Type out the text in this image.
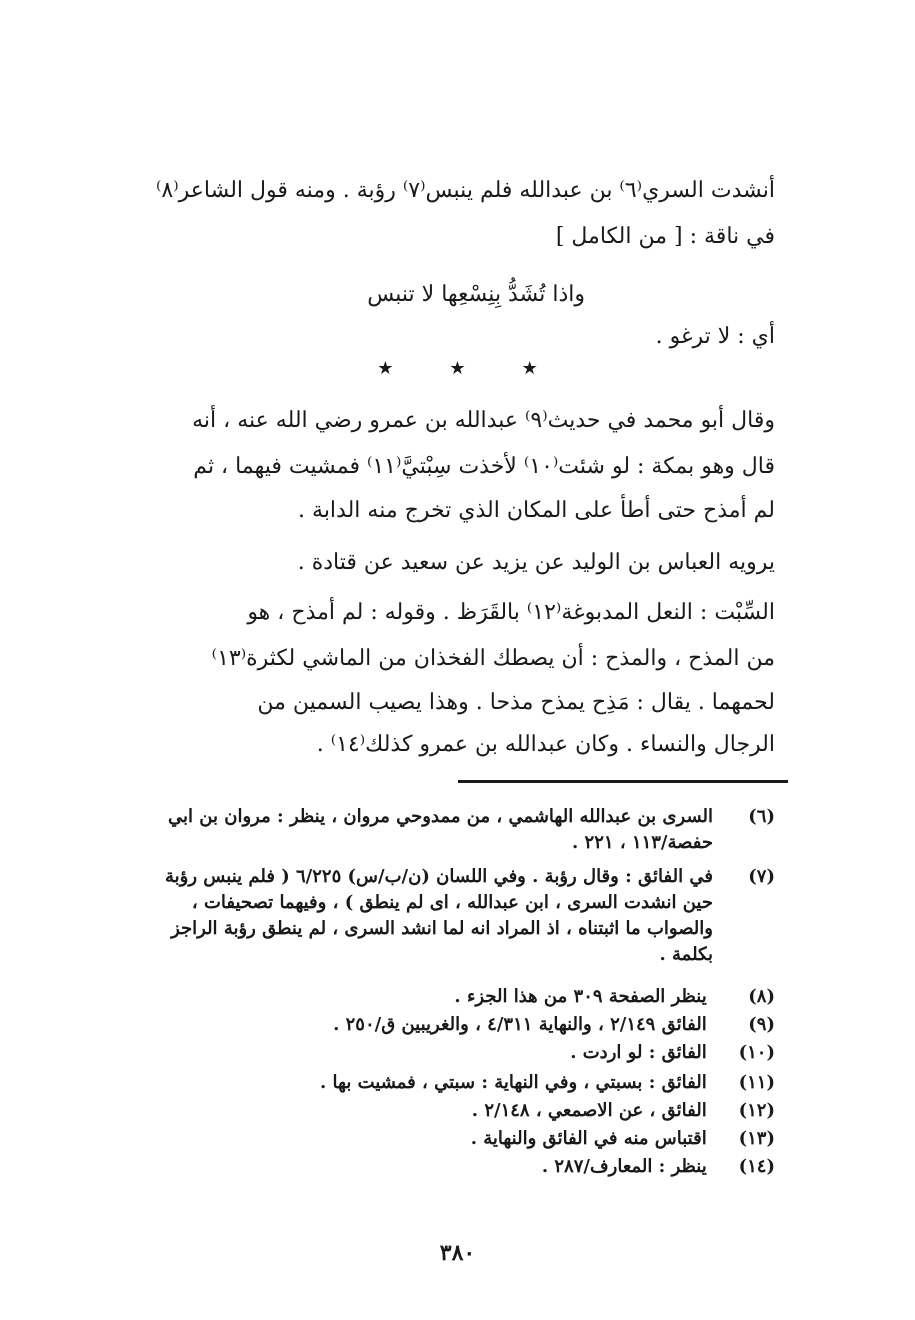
أنشدت السري⁽٦⁾ بن عبدالله فلم ينبس⁽٧⁾ رؤبة . ومنه قول الشاعر⁽٨⁾
في ناقة : [ من الكامل ]
واذا تُشَدُّ بِنِسْعِها لا تنبس
أي : لا ترغو .
★★★
وقال أبو محمد في حديث⁽٩⁾ عبدالله بن عمرو رضي الله عنه ، أنه
قال وهو بمكة : لو شئت⁽١٠⁾ لأخذت سِبْتيَّ⁽١١⁾ فمشيت فيهما ، ثم
لم أمذح حتى أطأ على المكان الذي تخرج منه الدابة .
يرويه العباس بن الوليد عن يزيد عن سعيد عن قتادة .
السِّبْت : النعل المدبوغة⁽١٢⁾ بالقَرَظ . وقوله : لم أمذح ، هو
من المذح ، والمذح : أن يصطك الفخذان من الماشي لكثرة⁽١٣⁾
لحمهما . يقال : مَذِح يمذح مذحا . وهذا يصيب السمين من
الرجال والنساء . وكان عبدالله بن عمرو كذلك⁽١٤⁾ .
(٦)
السرى بن عبدالله الهاشمي ، من ممدوحي مروان ، ينظر : مروان بن ابي حفصة/١١٣ ، ٢٢١ .
(٧)
في الفائق : وقال رؤبة . وفي اللسان (ن/ب/س) ٦/٢٢٥ ( فلم ينبس رؤبة حين انشدت السرى ، ابن عبدالله ، اى لم ينطق ) ، وفيهما تصحيفات ، والصواب ما اثبتناه ، اذ المراد انه لما انشد السرى ، لم ينطق رؤبة الراجز بكلمة .
(٨) ينظر الصفحة ٣٠٩ من هذا الجزء .
(٩) الفائق ٢/١٤٩ ، والنهاية ٤/٣١١ ، والغريبين ق/٢٥٠ .
(١٠) الفائق : لو اردت .
(١١) الفائق : بسبتي ، وفي النهاية : سبتي ، فمشيت بها .
(١٢) الفائق ، عن الاصمعي ، ٢/١٤٨ .
(١٣) اقتباس منه في الفائق والنهاية .
(١٤) ينظر : المعارف/٢٨٧ .
٣٨٠
